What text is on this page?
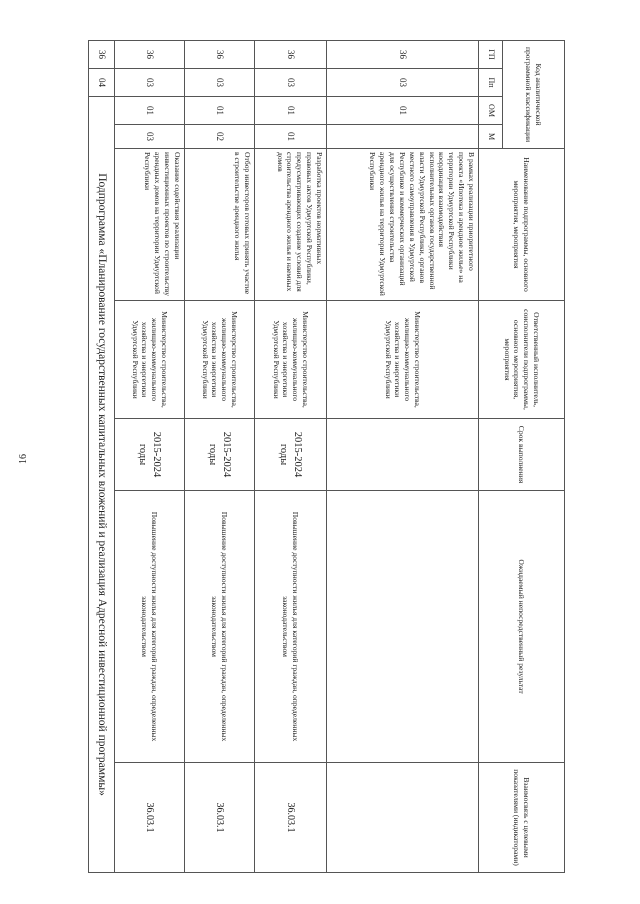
16
Код аналитической программной классификации				Наименование подпрограммы, основного мероприятия, мероприятия	Ответственный исполнитель, соисполнители подпрограммы, основного мероприятия, мероприятия	Срок выполнения	Ожидаемый непосредственный результат	Взаимосвязь с целевыми показателями (индикаторами)
ГП	Пп	ОМ	М					
36	03	01		В рамках реализации приоритетного проекта «Ипотека и арендное жилье» на территории Удмуртской Республики координация взаимодействия исполнительных органов государственной власти Удмуртской Республики, органов местного самоуправления в Удмуртской Республике и коммерческих организаций для осуществления строительства арендного жилья на территории Удмуртской Республики	Министерство строительства, жилищно-коммунального хозяйства и энергетики Удмуртской Республики			
36	03	01	01	Разработка проектов нормативных правовых актов Удмуртской Республики, предусматривающих создание условий для строительства арендного жилья и наемных домов	Министерство строительства, жилищно-коммунального хозяйства и энергетики Удмуртской Республики	2015-2024 годы	Повышение доступности жилья для категорий граждан, определенных законодательством	36.03.1
36	03	01	02	Отбор инвесторов готовых принять участие в строительстве арендного жилья	Министерство строительства, жилищно-коммунального хозяйства и энергетики Удмуртской Республики	2015-2024 годы	Повышение доступности жилья для категорий граждан, определенных законодательством	36.03.1
36	03	01	03	Оказание содействия реализации инвестиционных проектов по строительству арендных домов на территории Удмуртской Республики	Министерство строительства, жилищно-коммунального хозяйства и энергетики Удмуртской Республики	2015-2024 годы	Повышение доступности жилья для категорий граждан, определенных законодательством	36.03.1
36	04	Подпрограмма «Планирование государственных капитальных вложений и реализация Адресной инвестиционной программы»						
